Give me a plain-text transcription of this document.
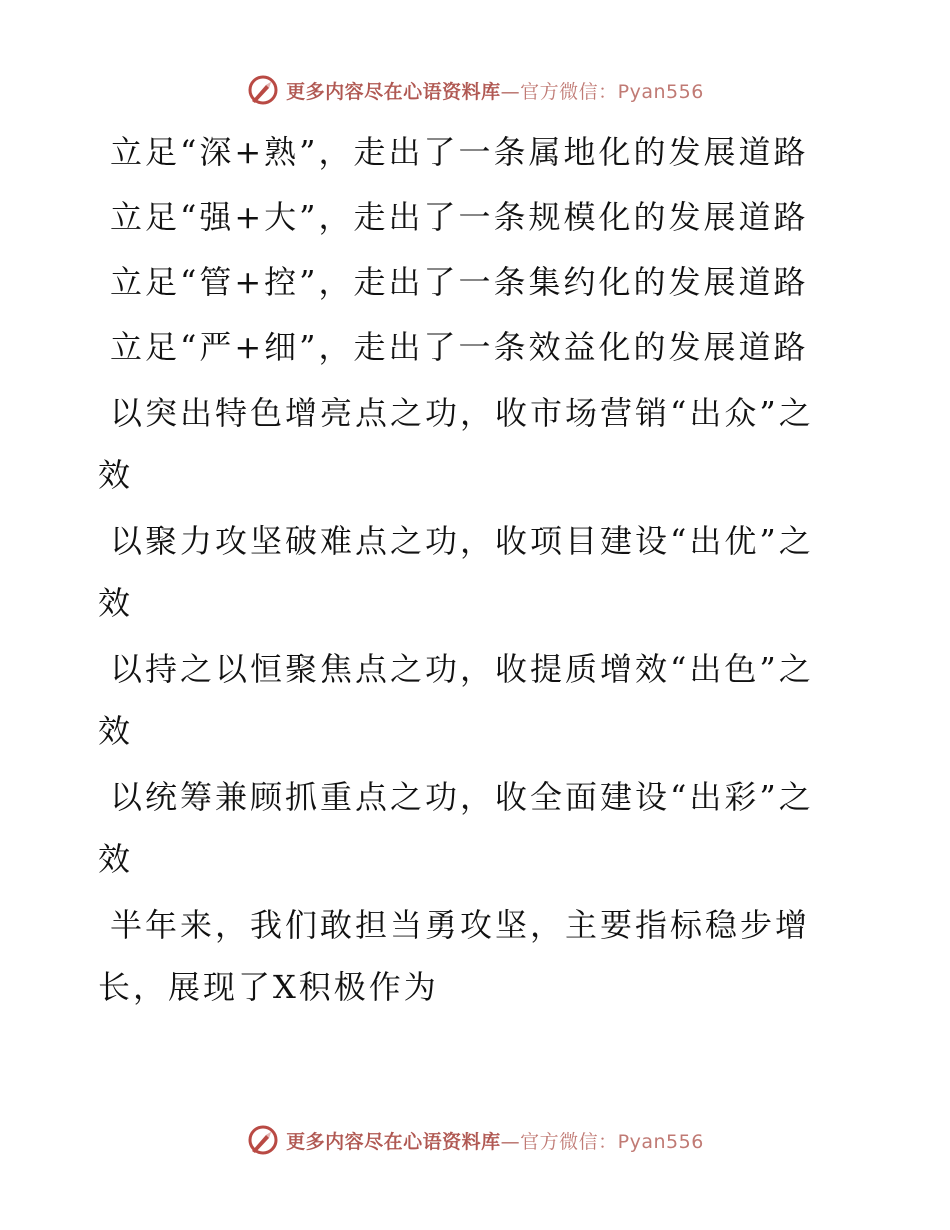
更多内容尽在心语资料库—官方微信：Pyan556
立足“深+熟”，走出了一条属地化的发展道路
立足“强+大”，走出了一条规模化的发展道路
立足“管+控”，走出了一条集约化的发展道路
立足“严+细”，走出了一条效益化的发展道路
以突出特色增亮点之功，收市场营销“出众”之
效
以聚力攻坚破难点之功，收项目建设“出优”之
效
以持之以恒聚焦点之功，收提质增效“出色”之
效
以统筹兼顾抓重点之功，收全面建设“出彩”之
效
半年来，我们敢担当勇攻坚，主要指标稳步增
长，展现了X积极作为
更多内容尽在心语资料库—官方微信：Pyan556
